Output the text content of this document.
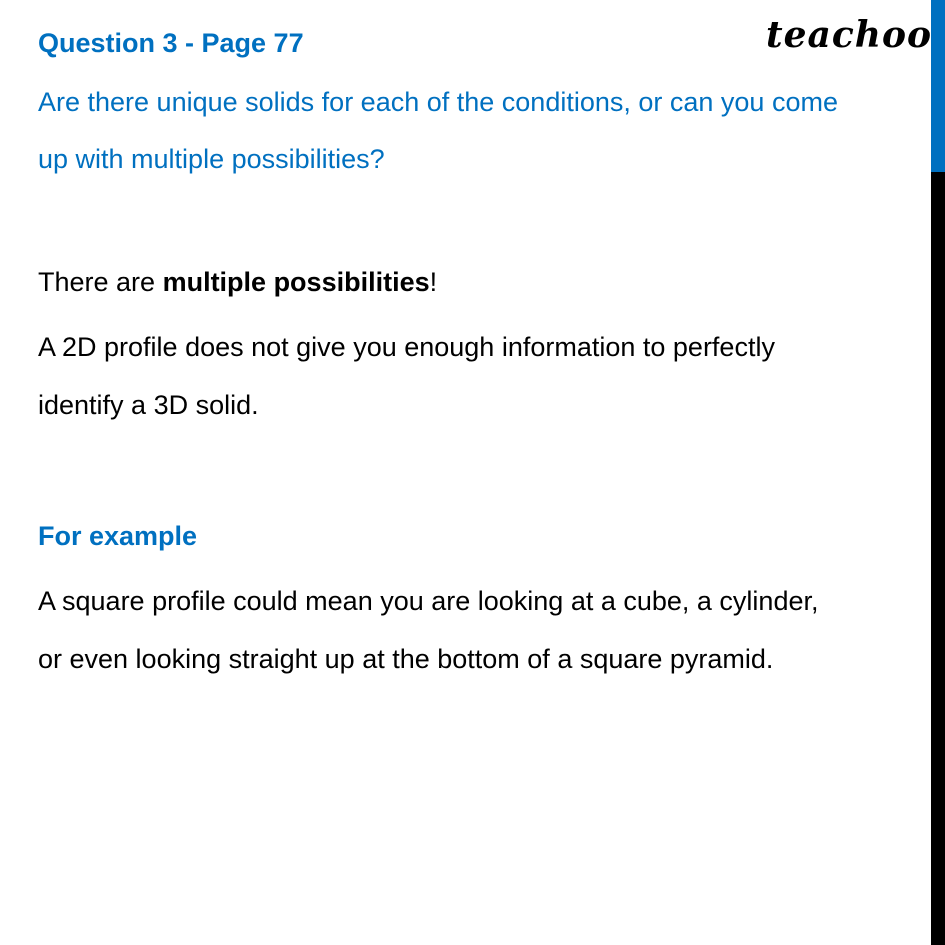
teachoo
Question 3 - Page 77
Are there unique solids for each of the conditions, or can you come
up with multiple possibilities?
There are multiple possibilities!
A 2D profile does not give you enough information to perfectly
identify a 3D solid.
For example
A square profile could mean you are looking at a cube, a cylinder,
or even looking straight up at the bottom of a square pyramid.
